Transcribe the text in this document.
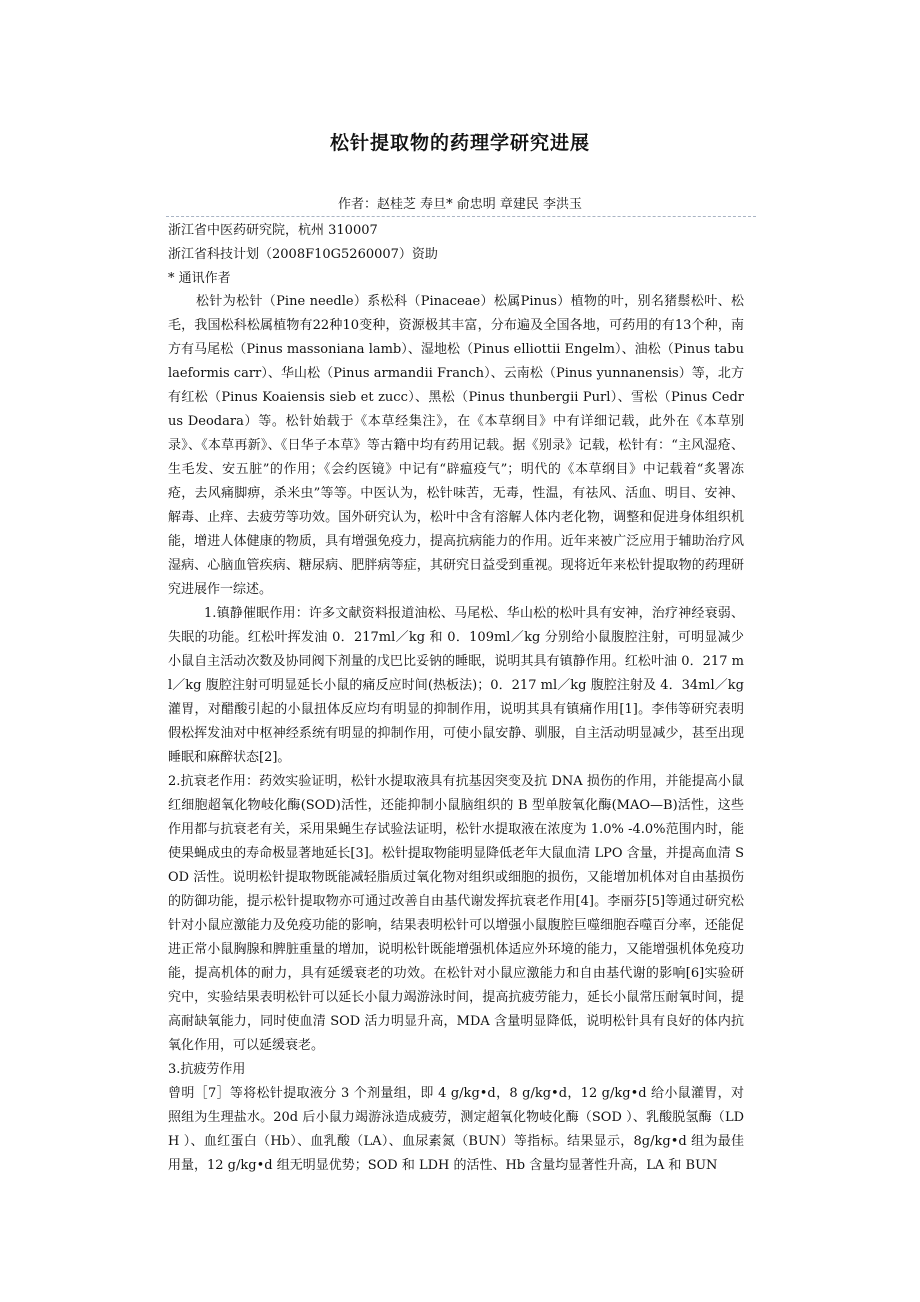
松针提取物的药理学研究进展
作者：赵桂芝 寿旦* 俞忠明 章建民 李洪玉
浙江省中医药研究院，杭州 310007
浙江省科技计划（2008F10G5260007）资助
* 通讯作者

松针为松针（Pine needle）系松科（Pinaceae）松属Pinus）植物的叶，别名猪鬃松叶、松毛，我国松科松属植物有22种10变种，资源极其丰富，分布遍及全国各地，可药用的有13个种，南方有马尾松（Pinus massoniana lamb）、湿地松（Pinus elliottii Engelm）、油松（Pinus tabulaeformis carr）、华山松（Pinus armandii Franch）、云南松（Pinus yunnanensis）等，北方有红松（Pinus Koaiensis sieb et zucc）、黑松（Pinus thunbergii Purl）、雪松（Pinus Cedrus Deodara）等。松针始载于《本草经集注》，在《本草纲目》中有详细记载，此外在《本草别录》、《本草再新》、《日华子本草》等古籍中均有药用记载。据《别录》记载，松针有：“主风湿疮、生毛发、安五脏”的作用；《会约医镜》中记有“辟瘟疫气”；明代的《本草纲目》中记载着“炙署冻疮，去风痛脚痹，杀米虫”等等。中医认为，松针味苦，无毒，性温，有祛风、活血、明目、安神、解毒、止痒、去疲劳等功效。国外研究认为，松叶中含有溶解人体内老化物，调整和促进身体组织机能，增进人体健康的物质，具有增强免疫力，提高抗病能力的作用。近年来被广泛应用于辅助治疗风湿病、心脑血管疾病、糖尿病、肥胖病等症，其研究日益受到重视。现将近年来松针提取物的药理研究进展作一综述。

1.镇静催眠作用：许多文献资料报道油松、马尾松、华山松的松叶具有安神，治疗神经衰弱、失眠的功能。红松叶挥发油 0．217ml／kg 和 0．109ml／kg 分别给小鼠腹腔注射，可明显减少小鼠自主活动次数及协同阀下剂量的戊巴比妥钠的睡眠，说明其具有镇静作用。红松叶油 0．217 ml／kg 腹腔注射可明显延长小鼠的痛反应时间(热板法)；0．217 ml／kg 腹腔注射及 4．34ml／kg 灌胃，对醋酸引起的小鼠扭体反应均有明显的抑制作用，说明其具有镇痛作用[1]。李伟等研究表明假松挥发油对中枢神经系统有明显的抑制作用，可使小鼠安静、驯服，自主活动明显减少，甚至出现睡眠和麻醉状态[2]。

2.抗衰老作用：药效实验证明，松针水提取液具有抗基因突变及抗 DNA 损伤的作用，并能提高小鼠红细胞超氧化物岐化酶(SOD)活性，还能抑制小鼠脑组织的 B 型单胺氧化酶(MAO—B)活性，这些作用都与抗衰老有关，采用果蝇生存试验法证明，松针水提取液在浓度为 1.0% -4.0%范围内时，能使果蝇成虫的寿命极显著地延长[3]。松针提取物能明显降低老年大鼠血清 LPO 含量，并提高血清 SOD 活性。说明松针提取物既能减轻脂质过氧化物对组织或细胞的损伤，又能增加机体对自由基损伤的防御功能，提示松针提取物亦可通过改善自由基代谢发挥抗衰老作用[4]。李丽芬[5]等通过研究松针对小鼠应激能力及免疫功能的影响，结果表明松针可以增强小鼠腹腔巨噬细胞吞噬百分率，还能促进正常小鼠胸腺和脾脏重量的增加，说明松针既能增强机体适应外环境的能力，又能增强机体免疫功能，提高机体的耐力，具有延缓衰老的功效。在松针对小鼠应激能力和自由基代谢的影响[6]实验研究中，实验结果表明松针可以延长小鼠力竭游泳时间，提高抗疲劳能力，延长小鼠常压耐氧时间，提高耐缺氧能力，同时使血清 SOD 活力明显升高，MDA 含量明显降低，说明松针具有良好的体内抗氧化作用，可以延缓衰老。

3.抗疲劳作用

曾明［7］等将松针提取液分 3 个剂量组，即 4 g/kg•d，8 g/kg•d，12 g/kg•d 给小鼠灌胃，对照组为生理盐水。20d 后小鼠力竭游泳造成疲劳，测定超氧化物岐化酶（SOD ）、乳酸脱氢酶（LDH ）、血红蛋白（Hb）、血乳酸（LA）、血尿素氮（BUN）等指标。结果显示，8g/kg•d 组为最佳用量，12 g/kg•d 组无明显优势；SOD 和 LDH 的活性、Hb 含量均显著性升高，LA 和 BUN
